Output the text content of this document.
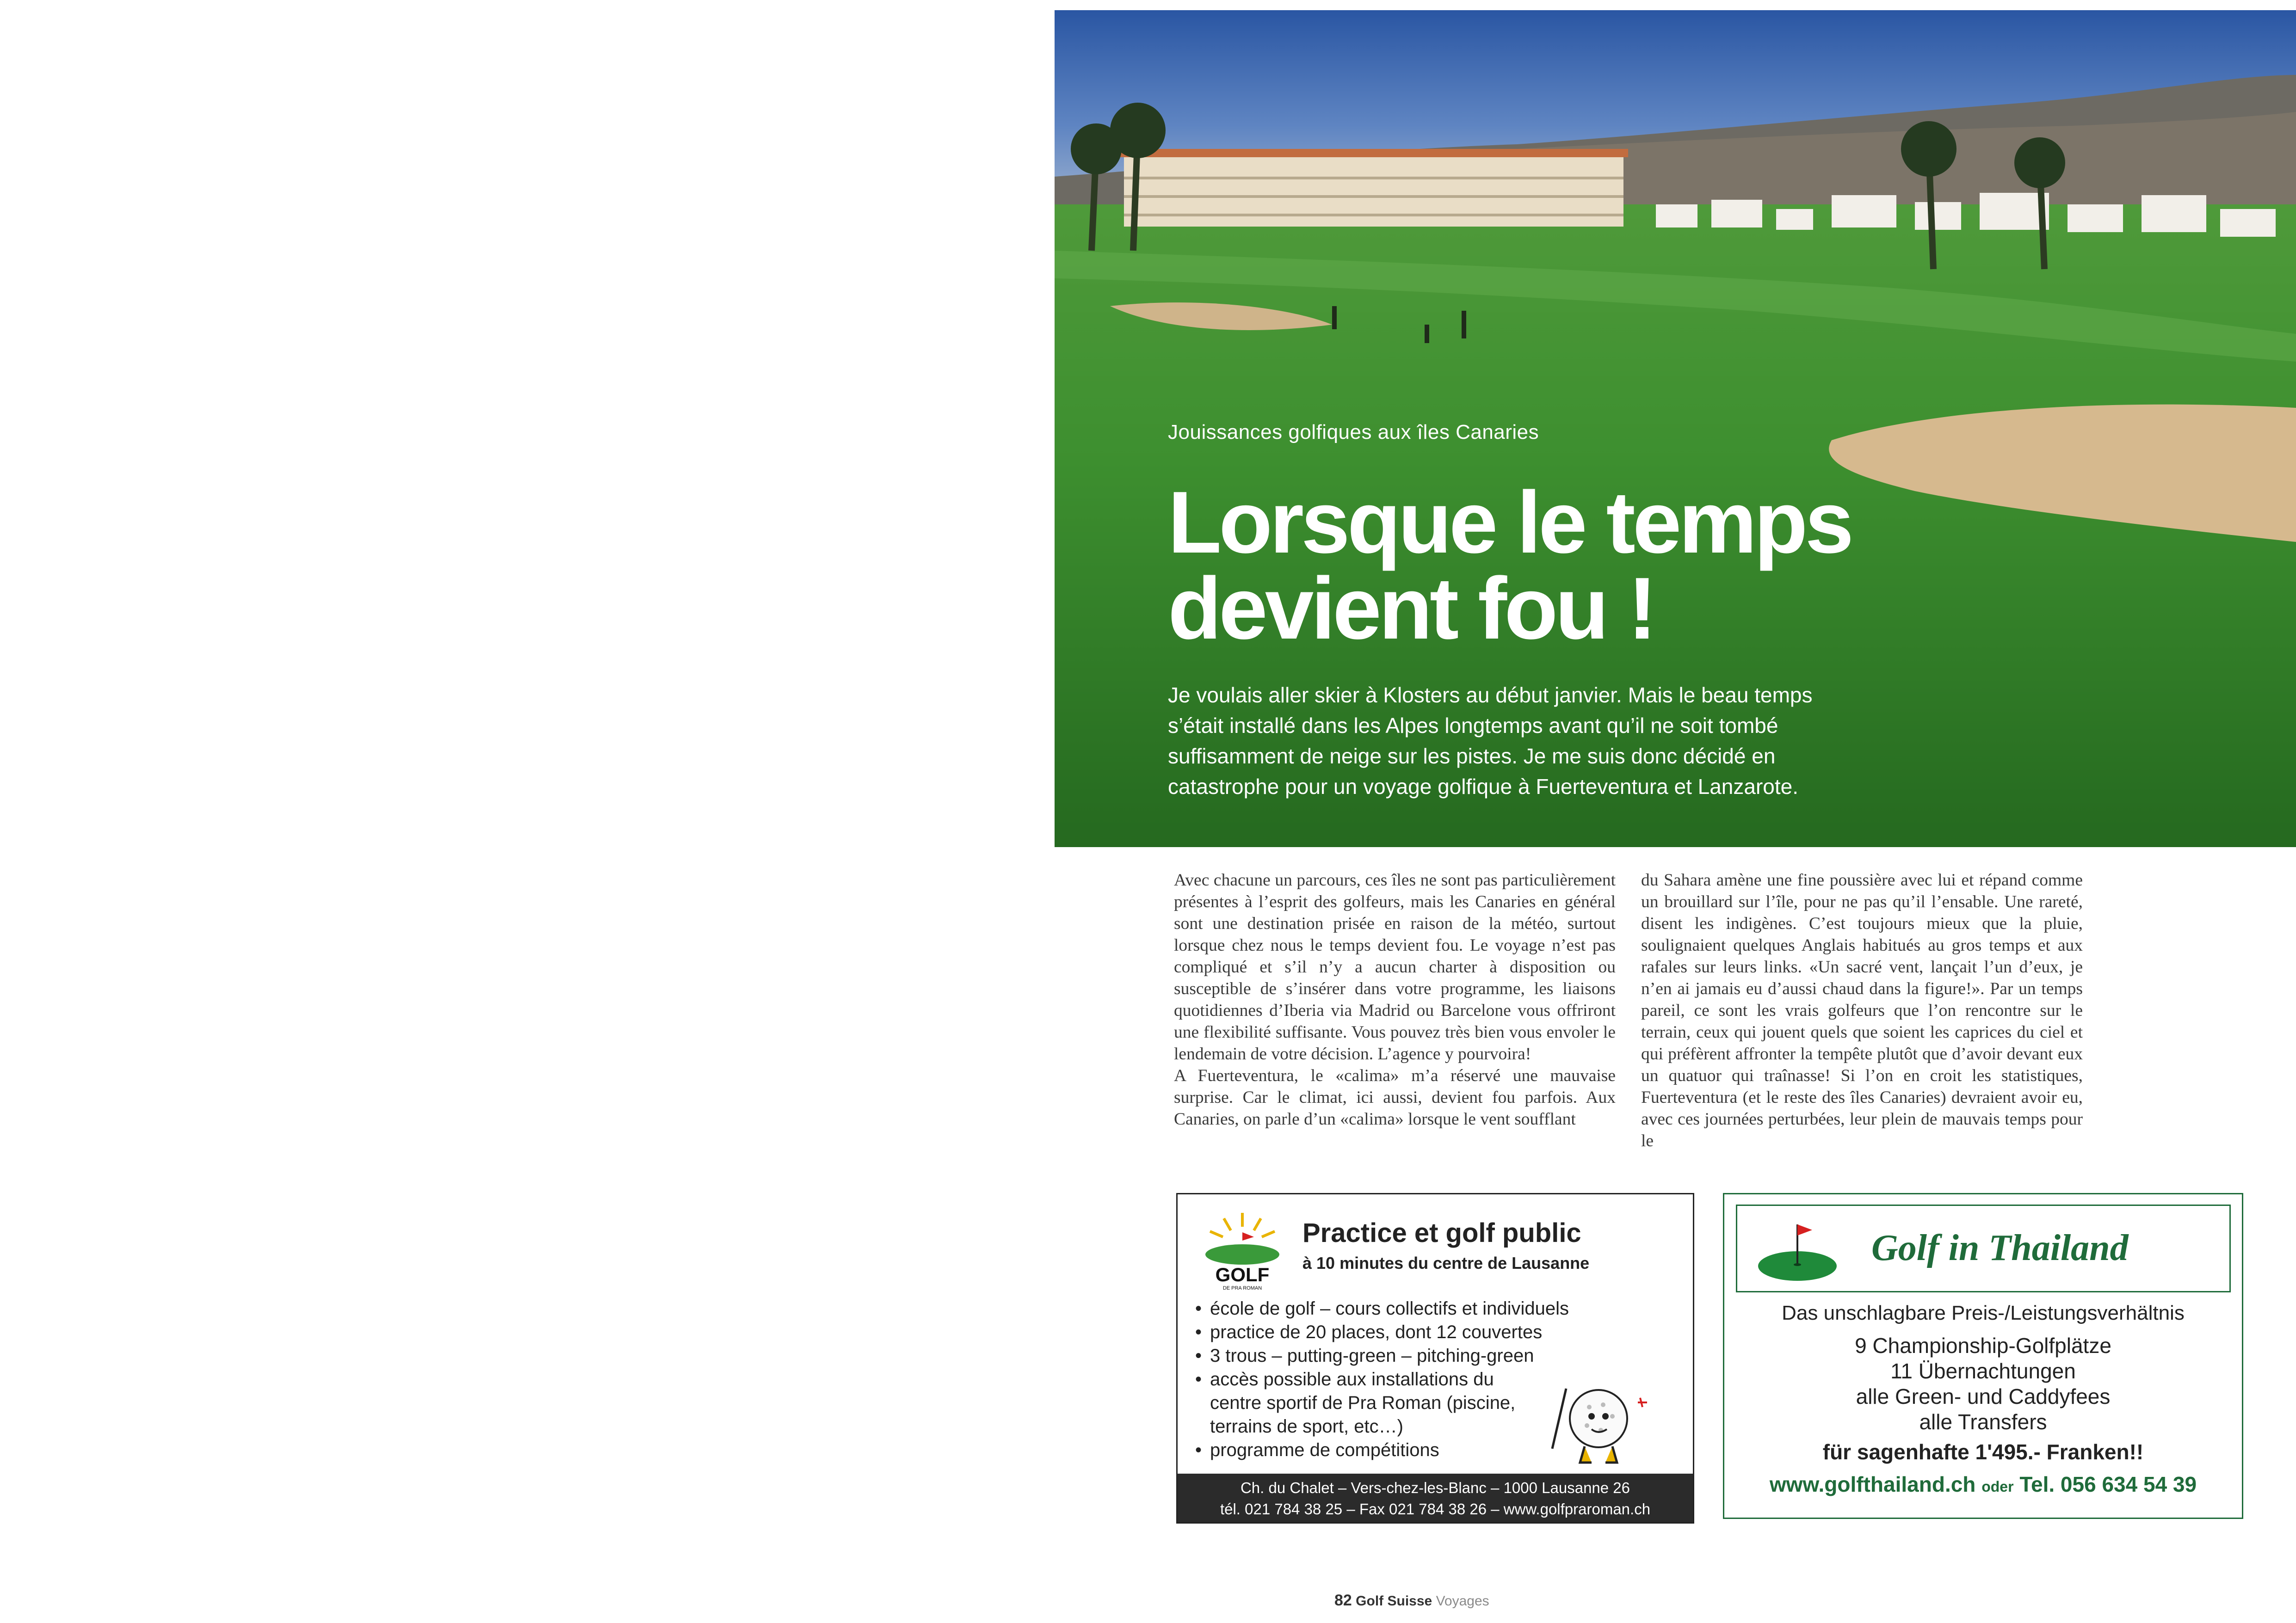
Jouissances golfiques aux îles Canaries
Lorsque le temps
devient fou !
Je voulais aller skier à Klosters au début janvier. Mais le beau temps s’était installé dans les Alpes longtemps avant qu’il ne soit tombé suffisamment de neige sur les pistes. Je me suis donc décidé en catastrophe pour un voyage golfique à Fuerteventura et Lanzarote.

Avec chacune un parcours, ces îles ne sont pas particulièrement présentes à l’esprit des golfeurs, mais les Canaries en général sont une destination prisée en raison de la météo, surtout lorsque chez nous le temps devient fou. Le voyage n’est pas compliqué et s’il n’y a aucun charter à disposition ou susceptible de s’insérer dans votre programme, les liaisons quotidiennes d’Iberia via Madrid ou Barcelone vous offriront une flexibilité suffisante. Vous pouvez très bien vous envoler le lendemain de votre décision. L’agence y pourvoira!

A Fuerteventura, le «calima» m’a réservé une mauvaise surprise. Car le climat, ici aussi, devient fou parfois. Aux Canaries, on parle d’un «calima» lorsque le vent soufflant

du Sahara amène une fine poussière avec lui et répand comme un brouillard sur l’île, pour ne pas qu’il l’ensable. Une rareté, disent les indigènes. C’est toujours mieux que la pluie, soulignaient quelques Anglais habitués au gros temps et aux rafales sur leurs links. «Un sacré vent, lançait l’un d’eux, je n’en ai jamais eu d’aussi chaud dans la figure!». Par un temps pareil, ce sont les vrais golfeurs que l’on rencontre sur le terrain, ceux qui jouent quels que soient les caprices du ciel et qui préfèrent affronter la tempête plutôt que d’avoir devant eux un quatuor qui traînasse! Si l’on en croit les statistiques, Fuerteventura (et le reste des îles Canaries) devraient avoir eu, avec ces journées perturbées, leur plein de mauvais temps pour le

GOLF
DE PRA ROMAN
Practice et golf public
à 10 minutes du centre de Lausanne
• école de golf – cours collectifs et individuels
• practice de 20 places, dont 12 couvertes
• 3 trous – putting-green – pitching-green
• accès possible aux installations du centre sportif de Pra Roman (piscine, terrains de sport, etc…)
• programme de compétitions
Ch. du Chalet – Vers-chez-les-Blanc – 1000 Lausanne 26
tél. 021 784 38 25 – Fax 021 784 38 26 – www.golfpraroman.ch
Golf in Thailand
Das unschlagbare Preis-/Leistungsverhältnis
9 Championship-Golfplätze
11 Übernachtungen
alle Green- und Caddyfees
alle Transfers
für sagenhafte 1'495.- Franken!!
www.golfthailand.ch oder Tel. 056 634 54 39
82 Golf Suisse Voyages
